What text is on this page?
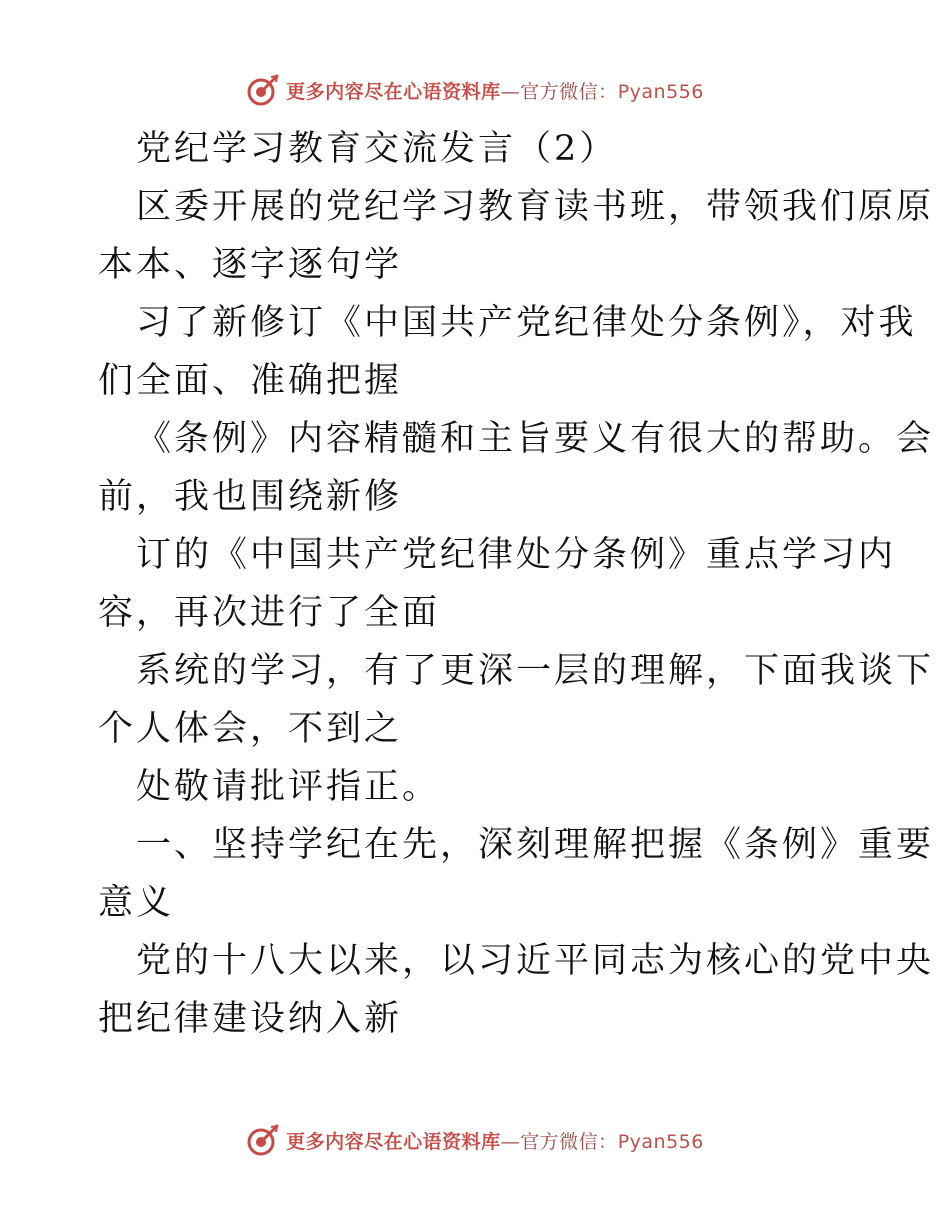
更多内容尽在心语资料库—官方微信：Pyan556
党纪学习教育交流发言（2）
区委开展的党纪学习教育读书班，带领我们原原
本本、逐字逐句学
习了新修订《中国共产党纪律处分条例》，对我
们全面、准确把握
《条例》内容精髓和主旨要义有很大的帮助。会
前，我也围绕新修
订的《中国共产党纪律处分条例》重点学习内
容，再次进行了全面
系统的学习，有了更深一层的理解，下面我谈下
个人体会，不到之
处敬请批评指正。
一、坚持学纪在先，深刻理解把握《条例》重要
意义
党的十八大以来，以习近平同志为核心的党中央
把纪律建设纳入新
更多内容尽在心语资料库—官方微信：Pyan556
